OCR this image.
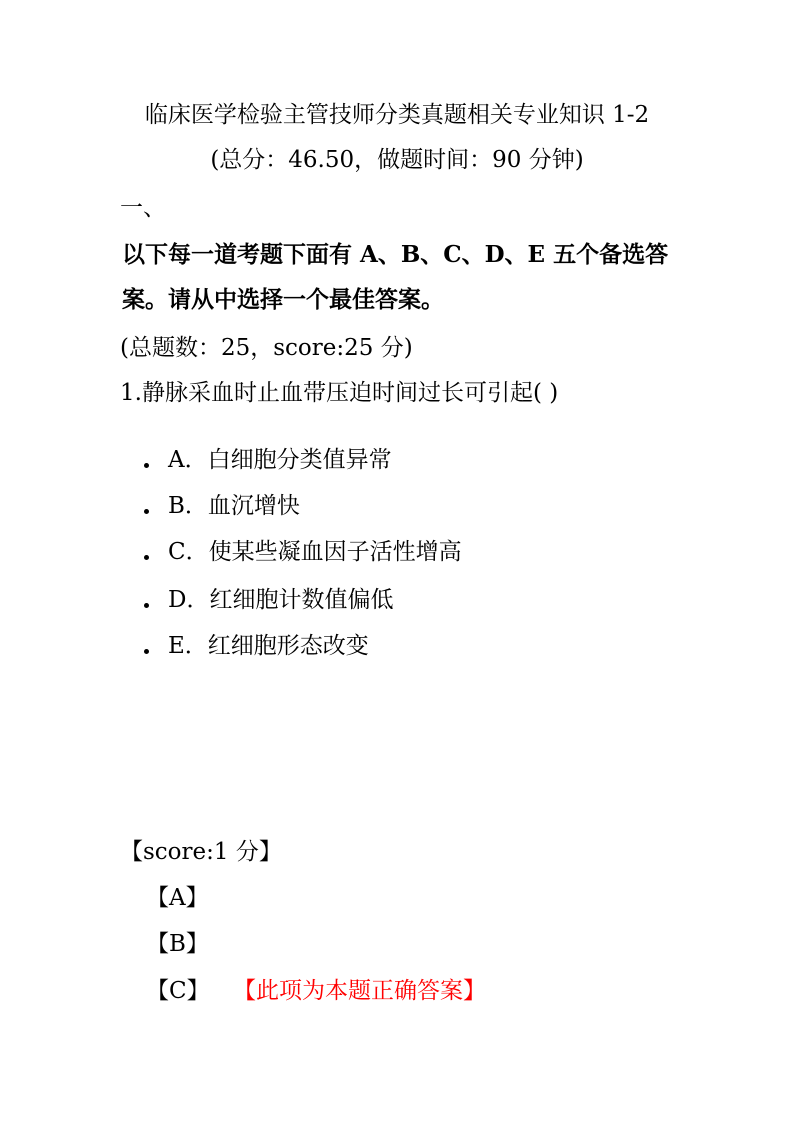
临床医学检验主管技师分类真题相关专业知识 1-2
(总分：46.50，做题时间：90 分钟)
一、
以下每一道考题下面有 A、B、C、D、E 五个备选答
案。请从中选择一个最佳答案。
(总题数：25，score:25 分)
1.静脉采血时止血带压迫时间过长可引起( )
A．白细胞分类值异常
B．血沉增快
C．使某些凝血因子活性增高
D．红细胞计数值偏低
E．红细胞形态改变
【score:1 分】
【A】
【B】
【C】 【此项为本题正确答案】
